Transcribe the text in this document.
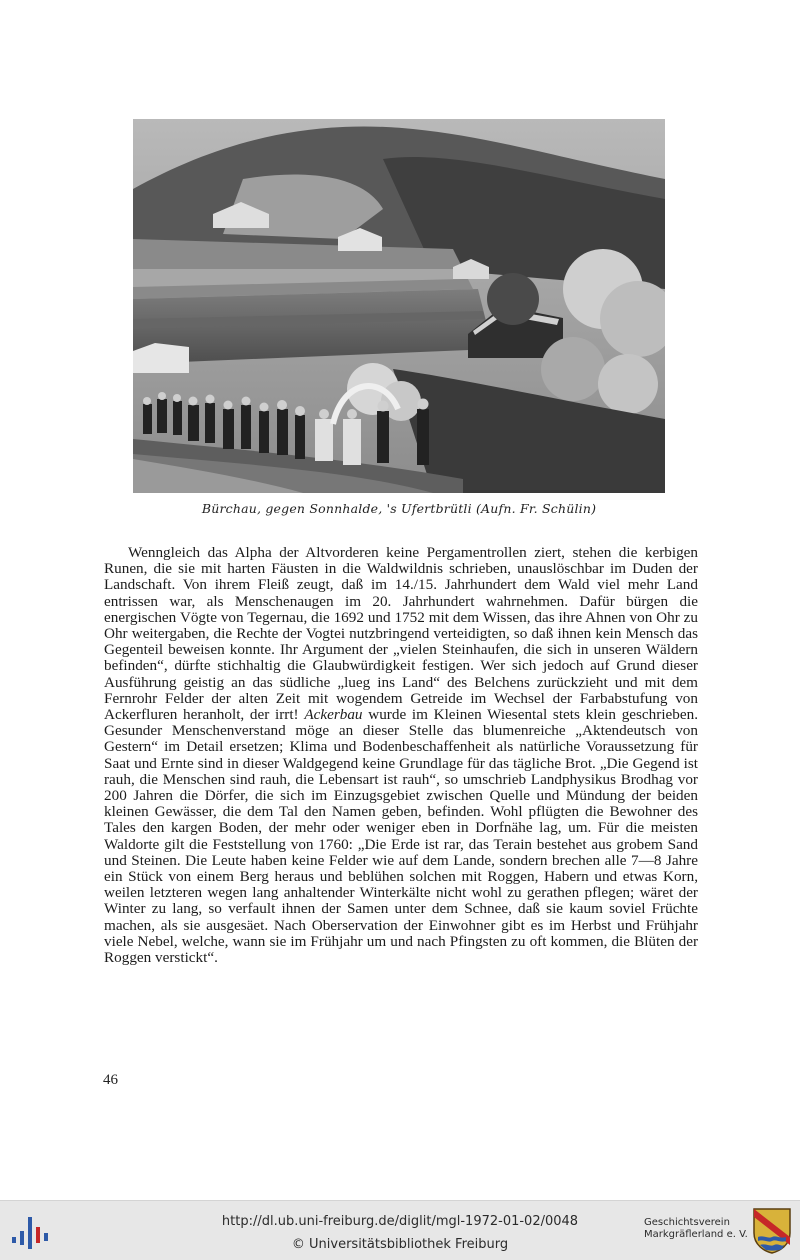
Bürchau, gegen Sonnhalde, 's Ufertbrütli (Aufn. Fr. Schülin)

Wenngleich das Alpha der Altvorderen keine Pergamentrollen ziert, stehen die kerbigen Runen, die sie mit harten Fäusten in die Waldwildnis schrieben, unauslöschbar im Duden der Landschaft. Von ihrem Fleiß zeugt, daß im 14./15. Jahrhundert dem Wald viel mehr Land entrissen war, als Menschenaugen im 20. Jahrhundert wahrnehmen. Dafür bürgen die energischen Vögte von Tegernau, die 1692 und 1752 mit dem Wissen, das ihre Ahnen von Ohr zu Ohr weitergaben, die Rechte der Vogtei nutzbringend verteidigten, so daß ihnen kein Mensch das Gegenteil beweisen konnte. Ihr Argument der „vielen Steinhaufen, die sich in unseren Wäldern befinden“, dürfte stichhaltig die Glaubwürdigkeit festigen. Wer sich jedoch auf Grund dieser Ausführung geistig an das südliche „lueg ins Land“ des Belchens zurückzieht und mit dem Fernrohr Felder der alten Zeit mit wogendem Getreide im Wechsel der Farbabstufung von Ackerfluren heranholt, der irrt! Ackerbau wurde im Kleinen Wiesental stets klein geschrieben. Gesunder Menschenverstand möge an dieser Stelle das blumenreiche „Aktendeutsch von Gestern“ im Detail ersetzen; Klima und Bodenbeschaffenheit als natürliche Voraussetzung für Saat und Ernte sind in dieser Waldgegend keine Grundlage für das tägliche Brot. „Die Gegend ist rauh, die Menschen sind rauh, die Lebensart ist rauh“, so umschrieb Landphysikus Brodhag vor 200 Jahren die Dörfer, die sich im Einzugsgebiet zwischen Quelle und Mündung der beiden kleinen Gewässer, die dem Tal den Namen geben, befinden. Wohl pflügten die Bewohner des Tales den kargen Boden, der mehr oder weniger eben in Dorfnähe lag, um. Für die meisten Waldorte gilt die Feststellung von 1760: „Die Erde ist rar, das Terain bestehet aus grobem Sand und Steinen. Die Leute haben keine Felder wie auf dem Lande, sondern brechen alle 7—8 Jahre ein Stück von einem Berg heraus und beblühen solchen mit Roggen, Habern und etwas Korn, weilen letzteren wegen lang anhaltender Winterkälte nicht wohl zu gerathen pflegen; wäret der Winter zu lang, so verfault ihnen der Samen unter dem Schnee, daß sie kaum soviel Früchte machen, als sie ausgesäet. Nach Oberservation der Einwohner gibt es im Herbst und Frühjahr viele Nebel, welche, wann sie im Frühjahr um und nach Pfingsten zu oft kommen, die Blüten der Roggen verstickt“.

46
http://dl.ub.uni-freiburg.de/diglit/mgl-1972-01-02/0048
© Universitätsbibliothek Freiburg
Geschichtsverein
Markgräflerland e. V.
